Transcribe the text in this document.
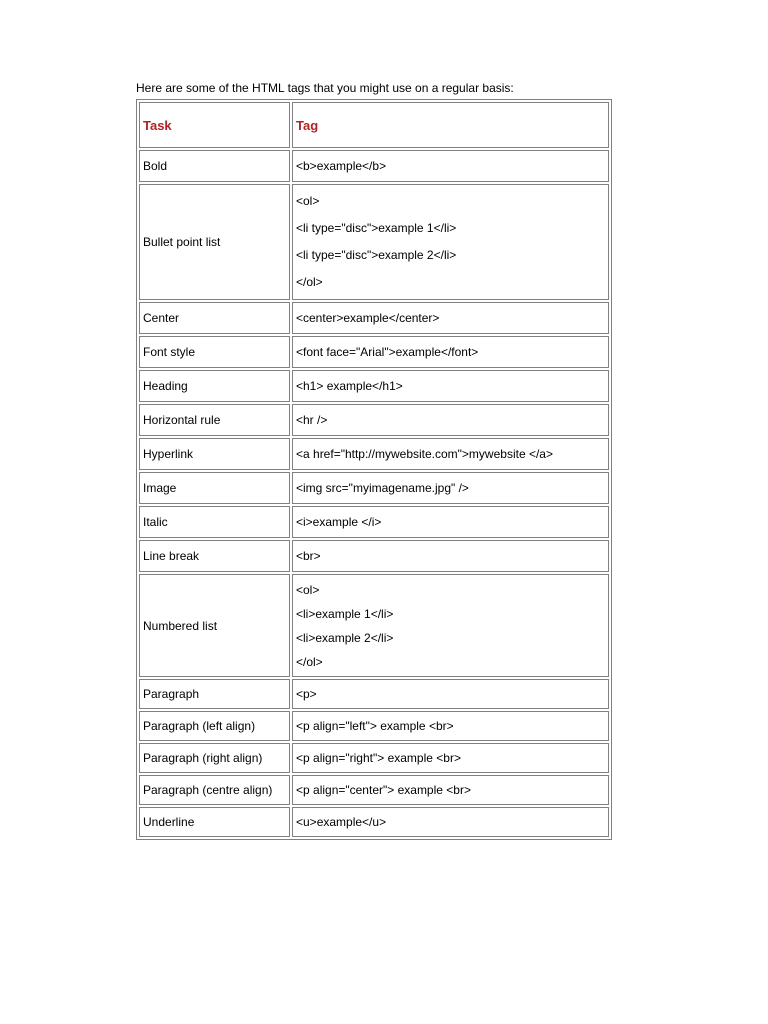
Here are some of the HTML tags that you might use on a regular basis:
Task	Tag
Bold	<b>example</b>
Bullet point list	<ol>
<li type="disc">example 1</li>
<li type="disc">example 2</li>
</ol>

Center	<center>example</center>
Font style	<font face="Arial">example</font>
Heading	<h1> example</h1>
Horizontal rule	<hr />
Hyperlink	<a href="http://mywebsite.com">mywebsite </a>
Image	<img src="myimagename.jpg" />
Italic	<i>example </i>
Line break	<br>
Numbered list	<ol>
<li>example 1</li>
<li>example 2</li>
</ol>

Paragraph	<p>
Paragraph (left align)	<p align="left"> example <br>
Paragraph (right align)	<p align="right"> example <br>
Paragraph (centre align)	<p align="center"> example <br>
Underline	<u>example</u>
